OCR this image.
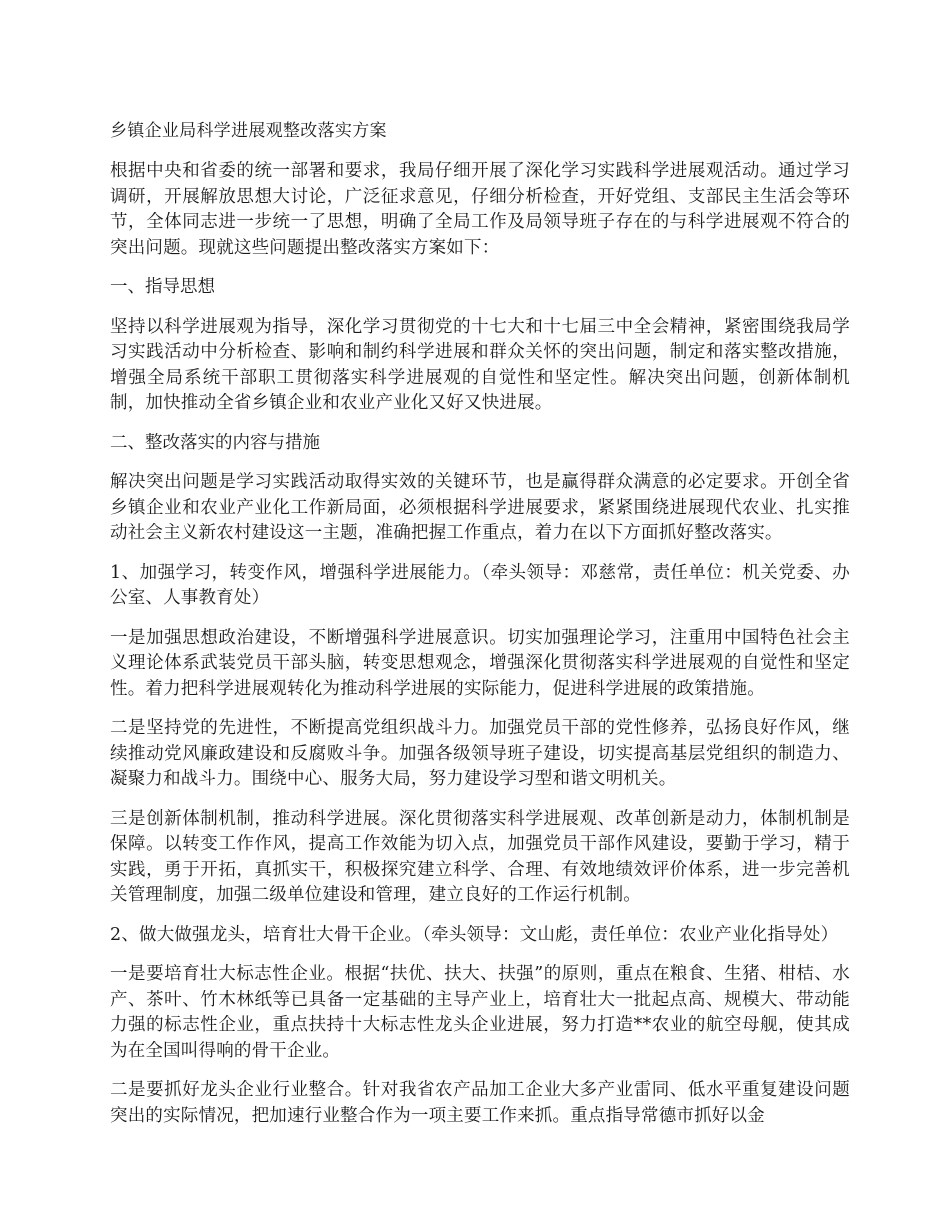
乡镇企业局科学进展观整改落实方案

根据中央和省委的统一部署和要求，我局仔细开展了深化学习实践科学进展观活动。通过学习调研，开展解放思想大讨论，广泛征求意见，仔细分析检查，开好党组、支部民主生活会等环节，全体同志进一步统一了思想，明确了全局工作及局领导班子存在的与科学进展观不符合的突出问题。现就这些问题提出整改落实方案如下：

一、指导思想

坚持以科学进展观为指导，深化学习贯彻党的十七大和十七届三中全会精神，紧密围绕我局学习实践活动中分析检查、影响和制约科学进展和群众关怀的突出问题，制定和落实整改措施，增强全局系统干部职工贯彻落实科学进展观的自觉性和坚定性。解决突出问题，创新体制机制，加快推动全省乡镇企业和农业产业化又好又快进展。

二、整改落实的内容与措施

解决突出问题是学习实践活动取得实效的关键环节，也是赢得群众满意的必定要求。开创全省乡镇企业和农业产业化工作新局面，必须根据科学进展要求，紧紧围绕进展现代农业、扎实推动社会主义新农村建设这一主题，准确把握工作重点，着力在以下方面抓好整改落实。

1、加强学习，转变作风，增强科学进展能力。（牵头领导：邓慈常，责任单位：机关党委、办公室、人事教育处）

一是加强思想政治建设，不断增强科学进展意识。切实加强理论学习，注重用中国特色社会主义理论体系武装党员干部头脑，转变思想观念，增强深化贯彻落实科学进展观的自觉性和坚定性。着力把科学进展观转化为推动科学进展的实际能力，促进科学进展的政策措施。

二是坚持党的先进性，不断提高党组织战斗力。加强党员干部的党性修养，弘扬良好作风，继续推动党风廉政建设和反腐败斗争。加强各级领导班子建设，切实提高基层党组织的制造力、凝聚力和战斗力。围绕中心、服务大局，努力建设学习型和谐文明机关。

三是创新体制机制，推动科学进展。深化贯彻落实科学进展观、改革创新是动力，体制机制是保障。以转变工作作风，提高工作效能为切入点，加强党员干部作风建设，要勤于学习，精于实践，勇于开拓，真抓实干，积极探究建立科学、合理、有效地绩效评价体系，进一步完善机关管理制度，加强二级单位建设和管理，建立良好的工作运行机制。

2、做大做强龙头，培育壮大骨干企业。（牵头领导：文山彪，责任单位：农业产业化指导处）

一是要培育壮大标志性企业。根据“扶优、扶大、扶强”的原则，重点在粮食、生猪、柑桔、水产、茶叶、竹木林纸等已具备一定基础的主导产业上，培育壮大一批起点高、规模大、带动能力强的标志性企业，重点扶持十大标志性龙头企业进展，努力打造**农业的航空母舰，使其成为在全国叫得响的骨干企业。

二是要抓好龙头企业行业整合。针对我省农产品加工企业大多产业雷同、低水平重复建设问题突出的实际情况，把加速行业整合作为一项主要工作来抓。重点指导常德市抓好以金
